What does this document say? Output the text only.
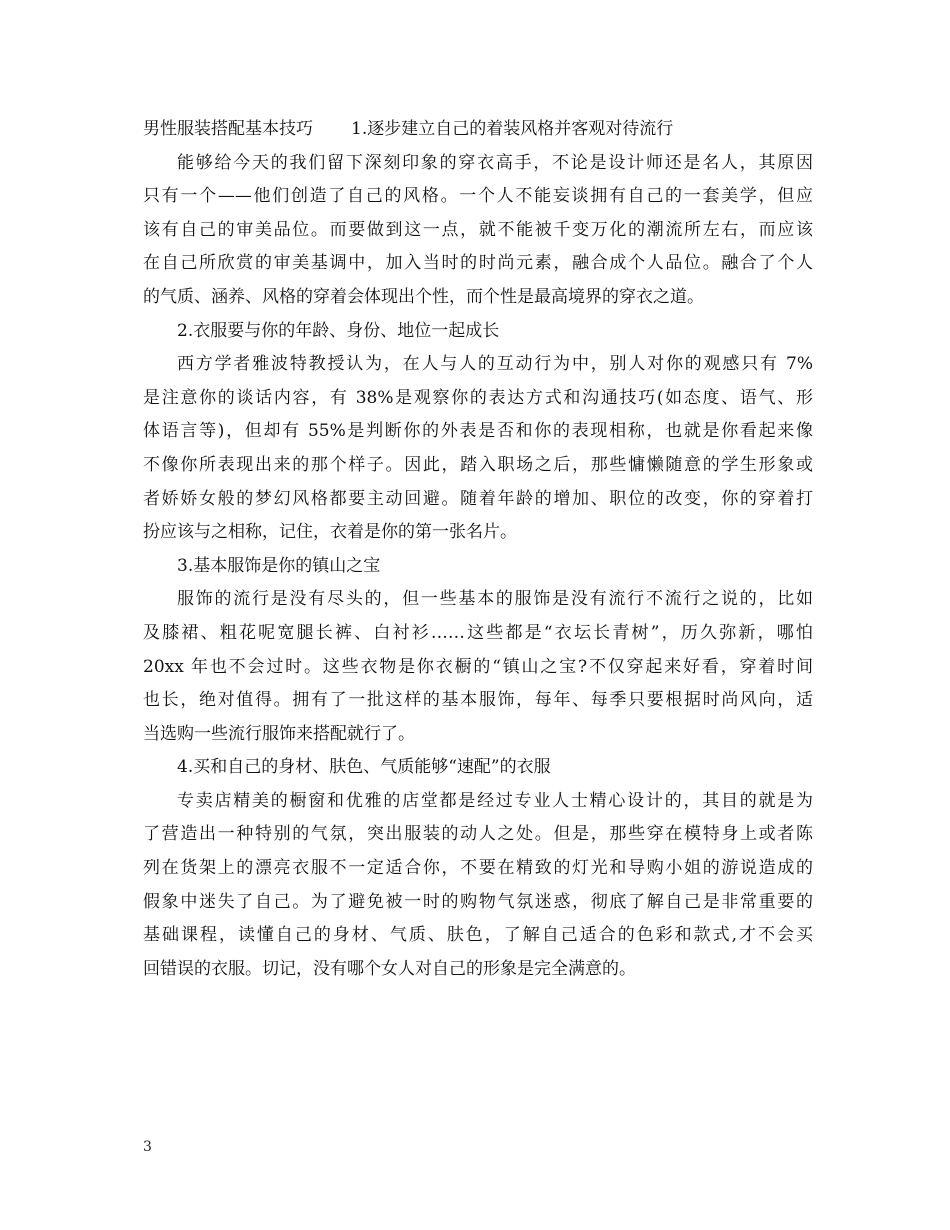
男性服装搭配基本技巧 1.逐步建立自己的着装风格并客观对待流行
能够给今天的我们留下深刻印象的穿衣高手，不论是设计师还是名人，其原因
只有一个——他们创造了自己的风格。一个人不能妄谈拥有自己的一套美学，但应
该有自己的审美品位。而要做到这一点，就不能被千变万化的潮流所左右，而应该
在自己所欣赏的审美基调中，加入当时的时尚元素，融合成个人品位。融合了个人
的气质、涵养、风格的穿着会体现出个性，而个性是最高境界的穿衣之道。
2.衣服要与你的年龄、身份、地位一起成长
西方学者雅波特教授认为，在人与人的互动行为中，别人对你的观感只有 7%
是注意你的谈话内容，有 38%是观察你的表达方式和沟通技巧(如态度、语气、形
体语言等)，但却有 55%是判断你的外表是否和你的表现相称，也就是你看起来像
不像你所表现出来的那个样子。因此，踏入职场之后，那些慵懒随意的学生形象或
者娇娇女般的梦幻风格都要主动回避。随着年龄的增加、职位的改变，你的穿着打
扮应该与之相称，记住，衣着是你的第一张名片。
3.基本服饰是你的镇山之宝
服饰的流行是没有尽头的，但一些基本的服饰是没有流行不流行之说的，比如
及膝裙、粗花呢宽腿长裤、白衬衫……这些都是“衣坛长青树”，历久弥新，哪怕
20xx 年也不会过时。这些衣物是你衣橱的“镇山之宝?不仅穿起来好看，穿着时间
也长，绝对值得。拥有了一批这样的基本服饰，每年、每季只要根据时尚风向，适
当选购一些流行服饰来搭配就行了。
4.买和自己的身材、肤色、气质能够“速配”的衣服
专卖店精美的橱窗和优雅的店堂都是经过专业人士精心设计的，其目的就是为
了营造出一种特别的气氛，突出服装的动人之处。但是，那些穿在模特身上或者陈
列在货架上的漂亮衣服不一定适合你，不要在精致的灯光和导购小姐的游说造成的
假象中迷失了自己。为了避免被一时的购物气氛迷惑，彻底了解自己是非常重要的
基础课程，读懂自己的身材、气质、肤色，了解自己适合的色彩和款式,才不会买
回错误的衣服。切记，没有哪个女人对自己的形象是完全满意的。
3
